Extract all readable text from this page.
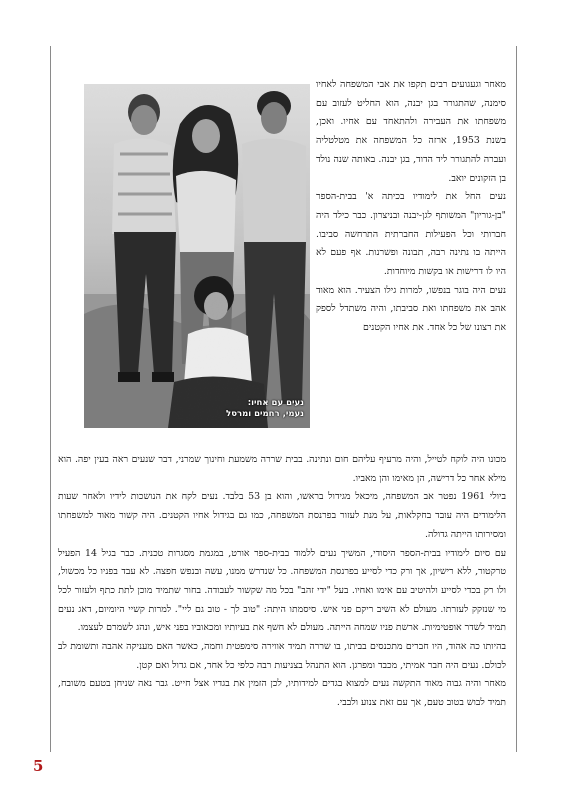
נעים עם אחיו:
נעמי, רחמים ומרסל

מאחר וגעגועים רבים תקפו את אבי המשפחה לאחיו סימנה, שהתגורר בגן יבנה, הוא החליט לעזוב עם משפחתו את העבירה ולהתאחד עם אחיו. ואכן, בשנת 1953, ארזה כל המשפחה את מטלטליה ועברה להתגורר ליד הדוד, בגן יבנה. באותה שנה נולד בן הזקונים יואב.

נעים החל את לימודיו בכיתה א' בבית-הספר "בן-גוריון" המשותף לגן-יבנה ובניצרון. כבר כילד היה חברותי וכל הפעילות החברתית התרחשה סביבו. הייתה בו נתינה רבה, תבונה ופשרנות. אף פעם לא היו לו דרישות או בקשות מיוחדות.

נעים היה בוגר בנפשו, למרות גילו הצעיר. הוא מאוד אהב את משפחתו ואת סביבתו, והיה משתדל לספק את רצונו של כל אחד. את אחיו הקטנים

מכונו היה לוקח לטייל, והיה מרעיף עליהם חום ונתינה. בבית שררה משמעת וחינוך שמרני, דבר שנעים ראה בעין יפה. הוא מילא אחר כל דרישה, הן מאימו והן מאביו.

ביולי 1961 נפטר אב המשפחה, מיכאל מגידול בראשו, והוא בן 53 בלבד. נעים לקח את הנושכות לידיו ולאחר שעות הלימודים היה עובד בחקלאות, על מנת לעזור בפרנסת המשפחה, כמו גם בגידול אחיו הקטנים. היה קשור מאוד למשפחתו ומסירותו הייתה גדולה.

עם סיום לימודיו בבית-הספר היסודי, המשיך נעים ללמוד בבית-ספר אורט, במגמת מסגרות טכנית. כבר בגיל 14 הפעיל טרקטור, ללא רישיון, אך ורק כדי לסייע בפרנסת המשפחה. כל שנדרש ממנו, עשה ובנפש חפצה. לא עבד בפניו כל מכשול, ולו רק בכדי לסייע ולהיטיב עם אימו ואחיו. בעל "ידי זהב" בכל מה שקשור לעבודה. בחור שתמיד מוכן לתת כתף ולעזור לכל מי שנזקק לעזרתו. מעולם לא השיב ריקם פני איש. סיסמתו היתה: "טוב לך - טוב גם ליי". למרות קשיי היומיום, דאג נעים תמיד לשדר אופטימיות. ארשת פניו שמחה הייתה. מעולם לא חשף את בעיותיו ומכאוביו בפני איש, ונהג לשמרם לעצמו.

בהיותו כה אהוד, היו חברים מתכנסים בביתו, בו שררה תמיד אווירה סימפטית וחמה, כאשר האם מעניקה אהבה ותשומת לב לכולם. נעים היה חבר אמיתי, מכבד ומפרגן. הוא התנהל בצניעות רבה כלפי כל אחד, אם גדול ואם קטן.

מאחר והיה גבוה מאוד התקשה נעים למצוא בגדים למידותיו, לכן הזמין את בגדיו אצל חייט. גבר נאה שניחן בטעם משובח, תמיד לבוש בטוב טעם, אך עם זאת צנוע ולבבי.

5
